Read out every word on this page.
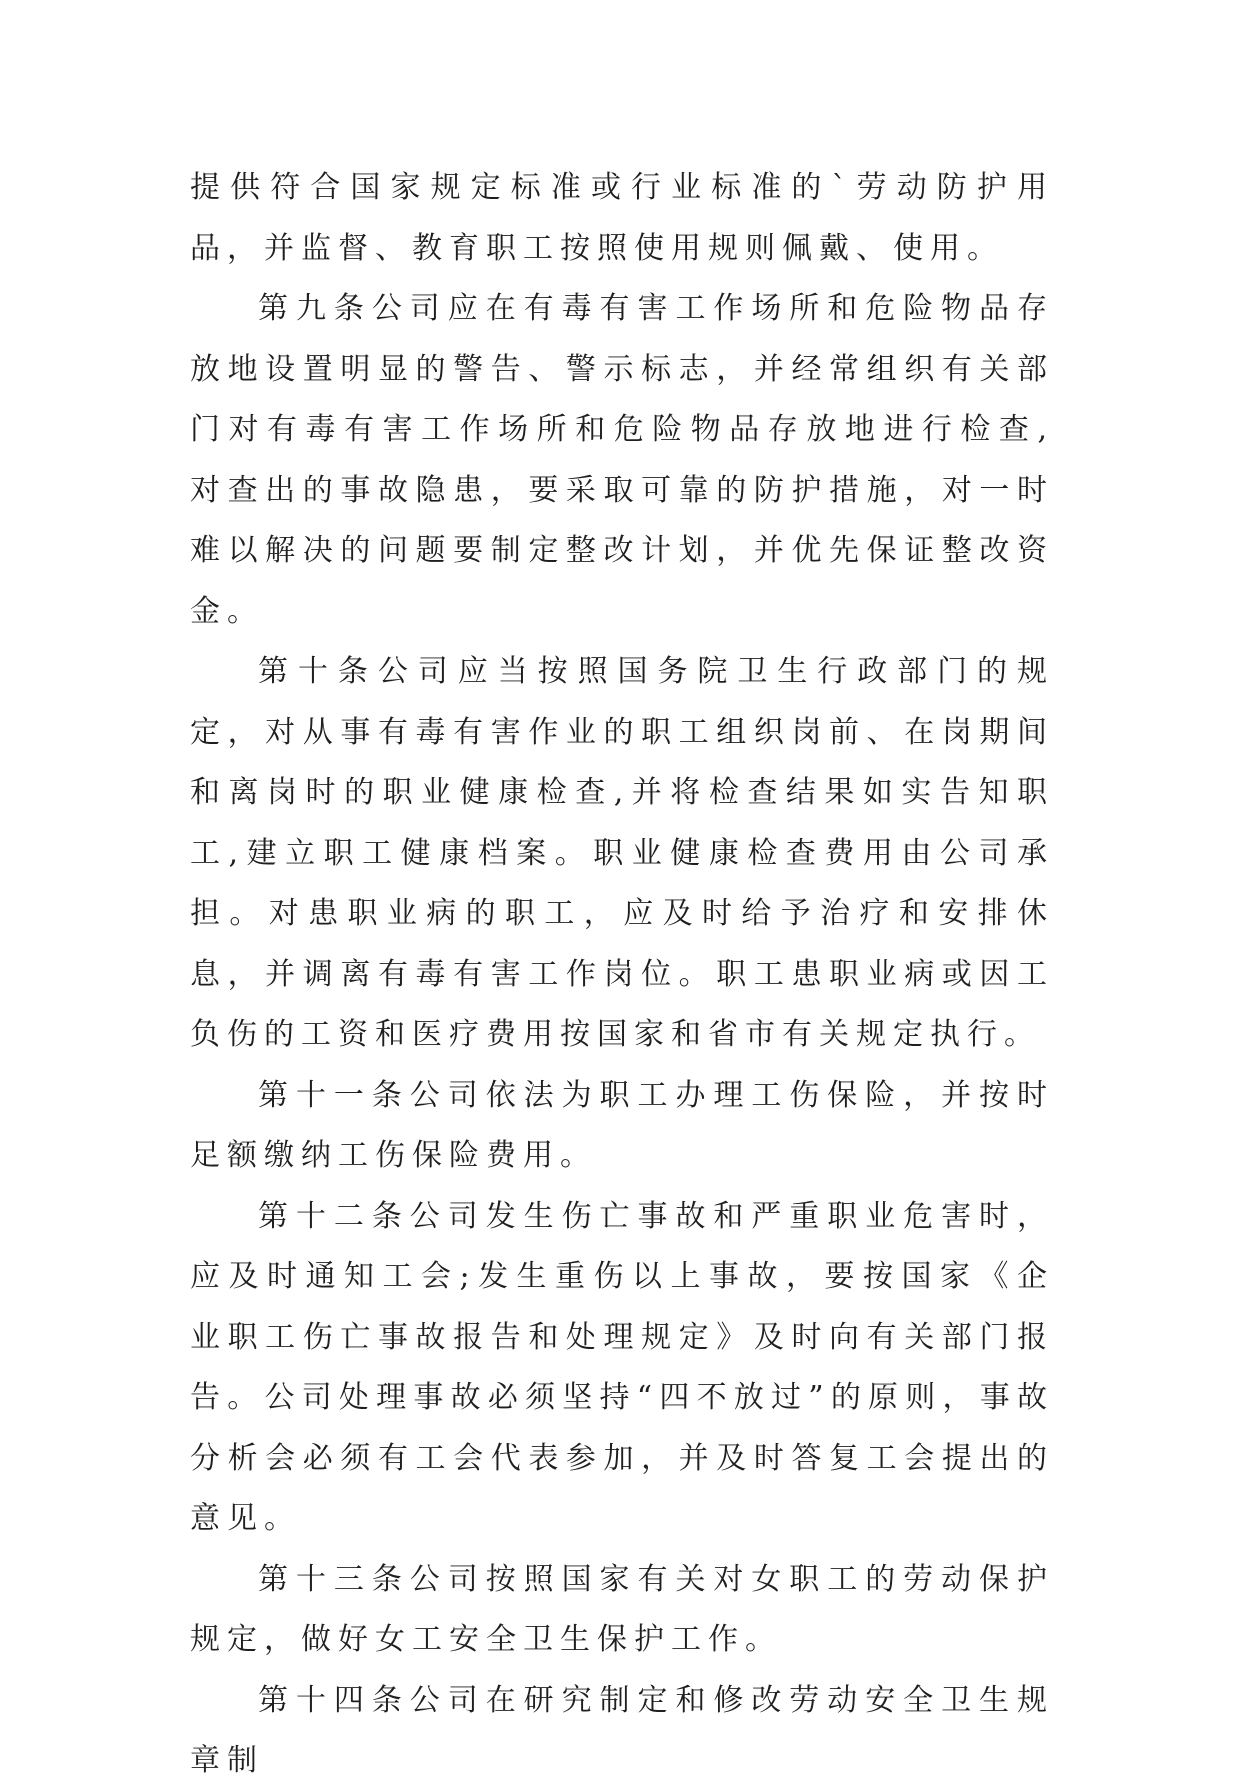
提供符合国家规定标准或行业标准的`劳动防护用品，并监督、教育职工按照使用规则佩戴、使用。

第九条公司应在有毒有害工作场所和危险物品存放地设置明显的警告、警示标志，并经常组织有关部门对有毒有害工作场所和危险物品存放地进行检查,对查出的事故隐患，要采取可靠的防护措施，对一时难以解决的问题要制定整改计划，并优先保证整改资金。

第十条公司应当按照国务院卫生行政部门的规定，对从事有毒有害作业的职工组织岗前、在岗期间和离岗时的职业健康检查,并将检查结果如实告知职工,建立职工健康档案。职业健康检查费用由公司承担。对患职业病的职工，应及时给予治疗和安排休息，并调离有毒有害工作岗位。职工患职业病或因工负伤的工资和医疗费用按国家和省市有关规定执行。

第十一条公司依法为职工办理工伤保险，并按时足额缴纳工伤保险费用。

第十二条公司发生伤亡事故和严重职业危害时，应及时通知工会;发生重伤以上事故，要按国家《企业职工伤亡事故报告和处理规定》及时向有关部门报告。公司处理事故必须坚持“四不放过”的原则，事故分析会必须有工会代表参加，并及时答复工会提出的意见。

第十三条公司按照国家有关对女职工的劳动保护规定，做好女工安全卫生保护工作。

第十四条公司在研究制定和修改劳动安全卫生规章制
